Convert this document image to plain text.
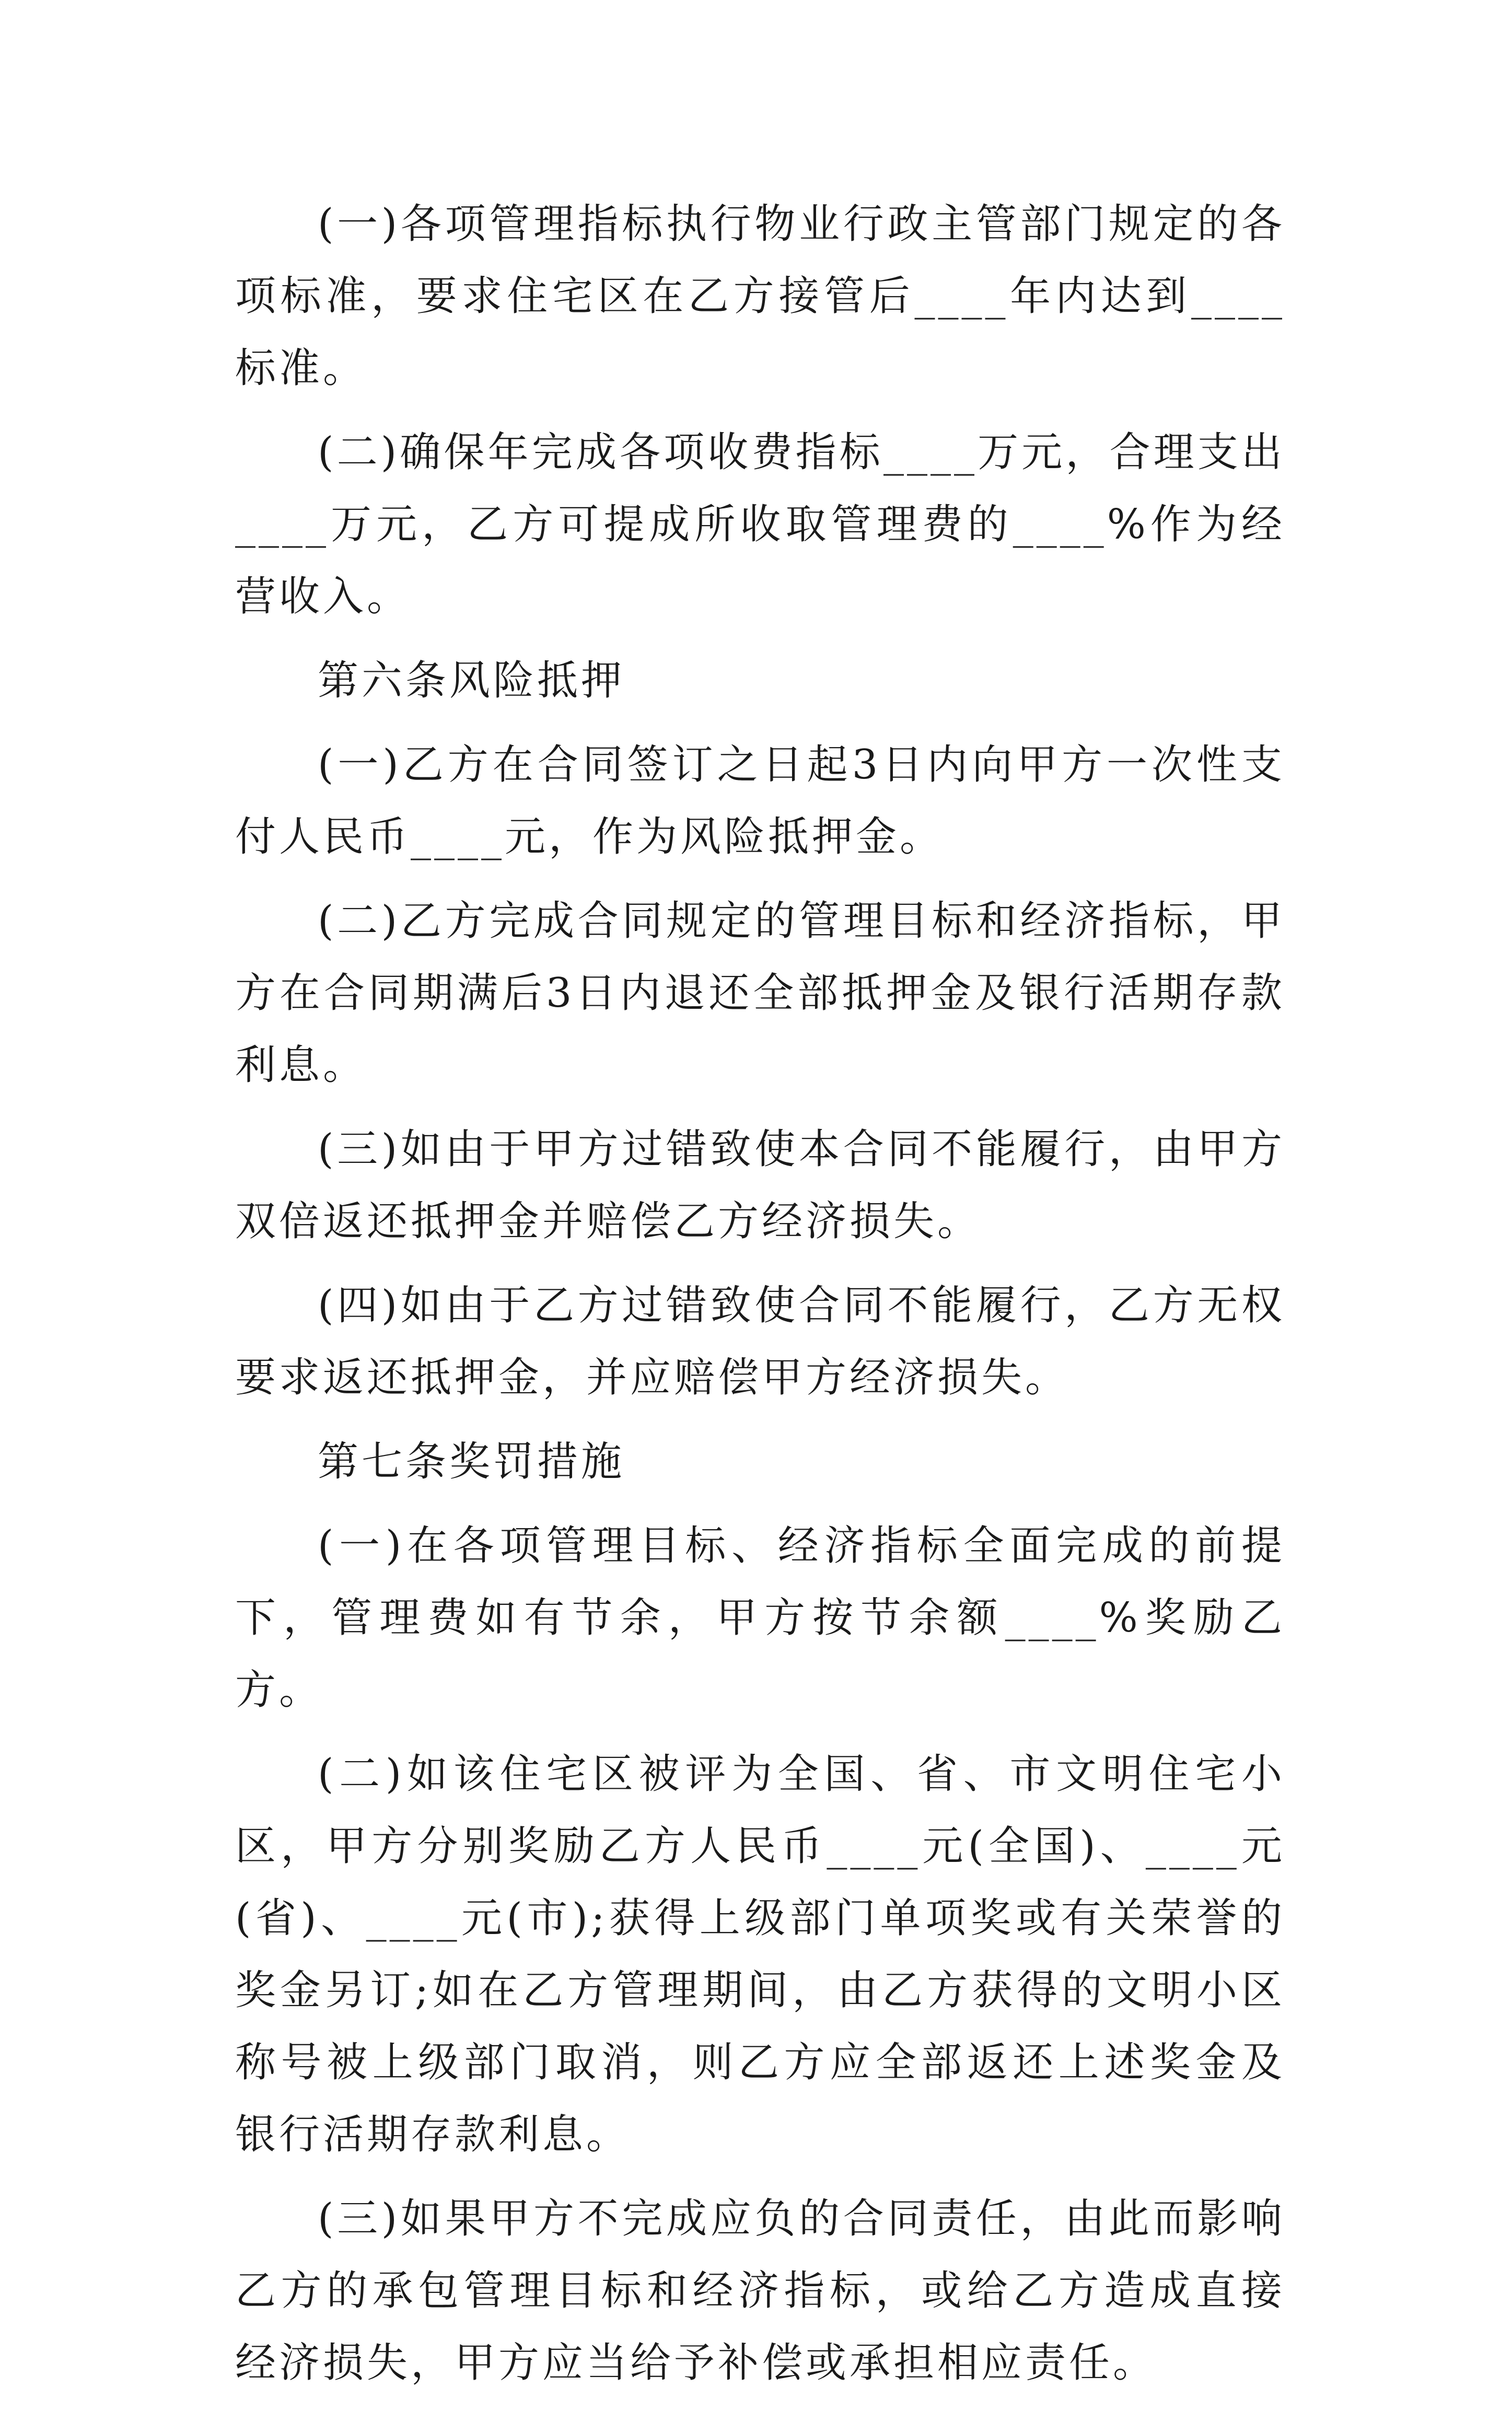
(一)各项管理指标执行物业行政主管部门规定的各项标准，要求住宅区在乙方接管后____年内达到____标准。

(二)确保年完成各项收费指标____万元，合理支出____万元，乙方可提成所收取管理费的____%作为经营收入。

第六条风险抵押

(一)乙方在合同签订之日起3日内向甲方一次性支付人民币____元，作为风险抵押金。

(二)乙方完成合同规定的管理目标和经济指标，甲方在合同期满后3日内退还全部抵押金及银行活期存款利息。

(三)如由于甲方过错致使本合同不能履行，由甲方双倍返还抵押金并赔偿乙方经济损失。

(四)如由于乙方过错致使合同不能履行，乙方无权要求返还抵押金，并应赔偿甲方经济损失。

第七条奖罚措施

(一)在各项管理目标、经济指标全面完成的前提下，管理费如有节余，甲方按节余额____%奖励乙方。

(二)如该住宅区被评为全国、省、市文明住宅小区，甲方分别奖励乙方人民币____元(全国)、____元(省)、____元(市);获得上级部门单项奖或有关荣誉的奖金另订;如在乙方管理期间，由乙方获得的文明小区称号被上级部门取消，则乙方应全部返还上述奖金及银行活期存款利息。

(三)如果甲方不完成应负的合同责任，由此而影响乙方的承包管理目标和经济指标，或给乙方造成直接经济损失，甲方应当给予补偿或承担相应责任。
